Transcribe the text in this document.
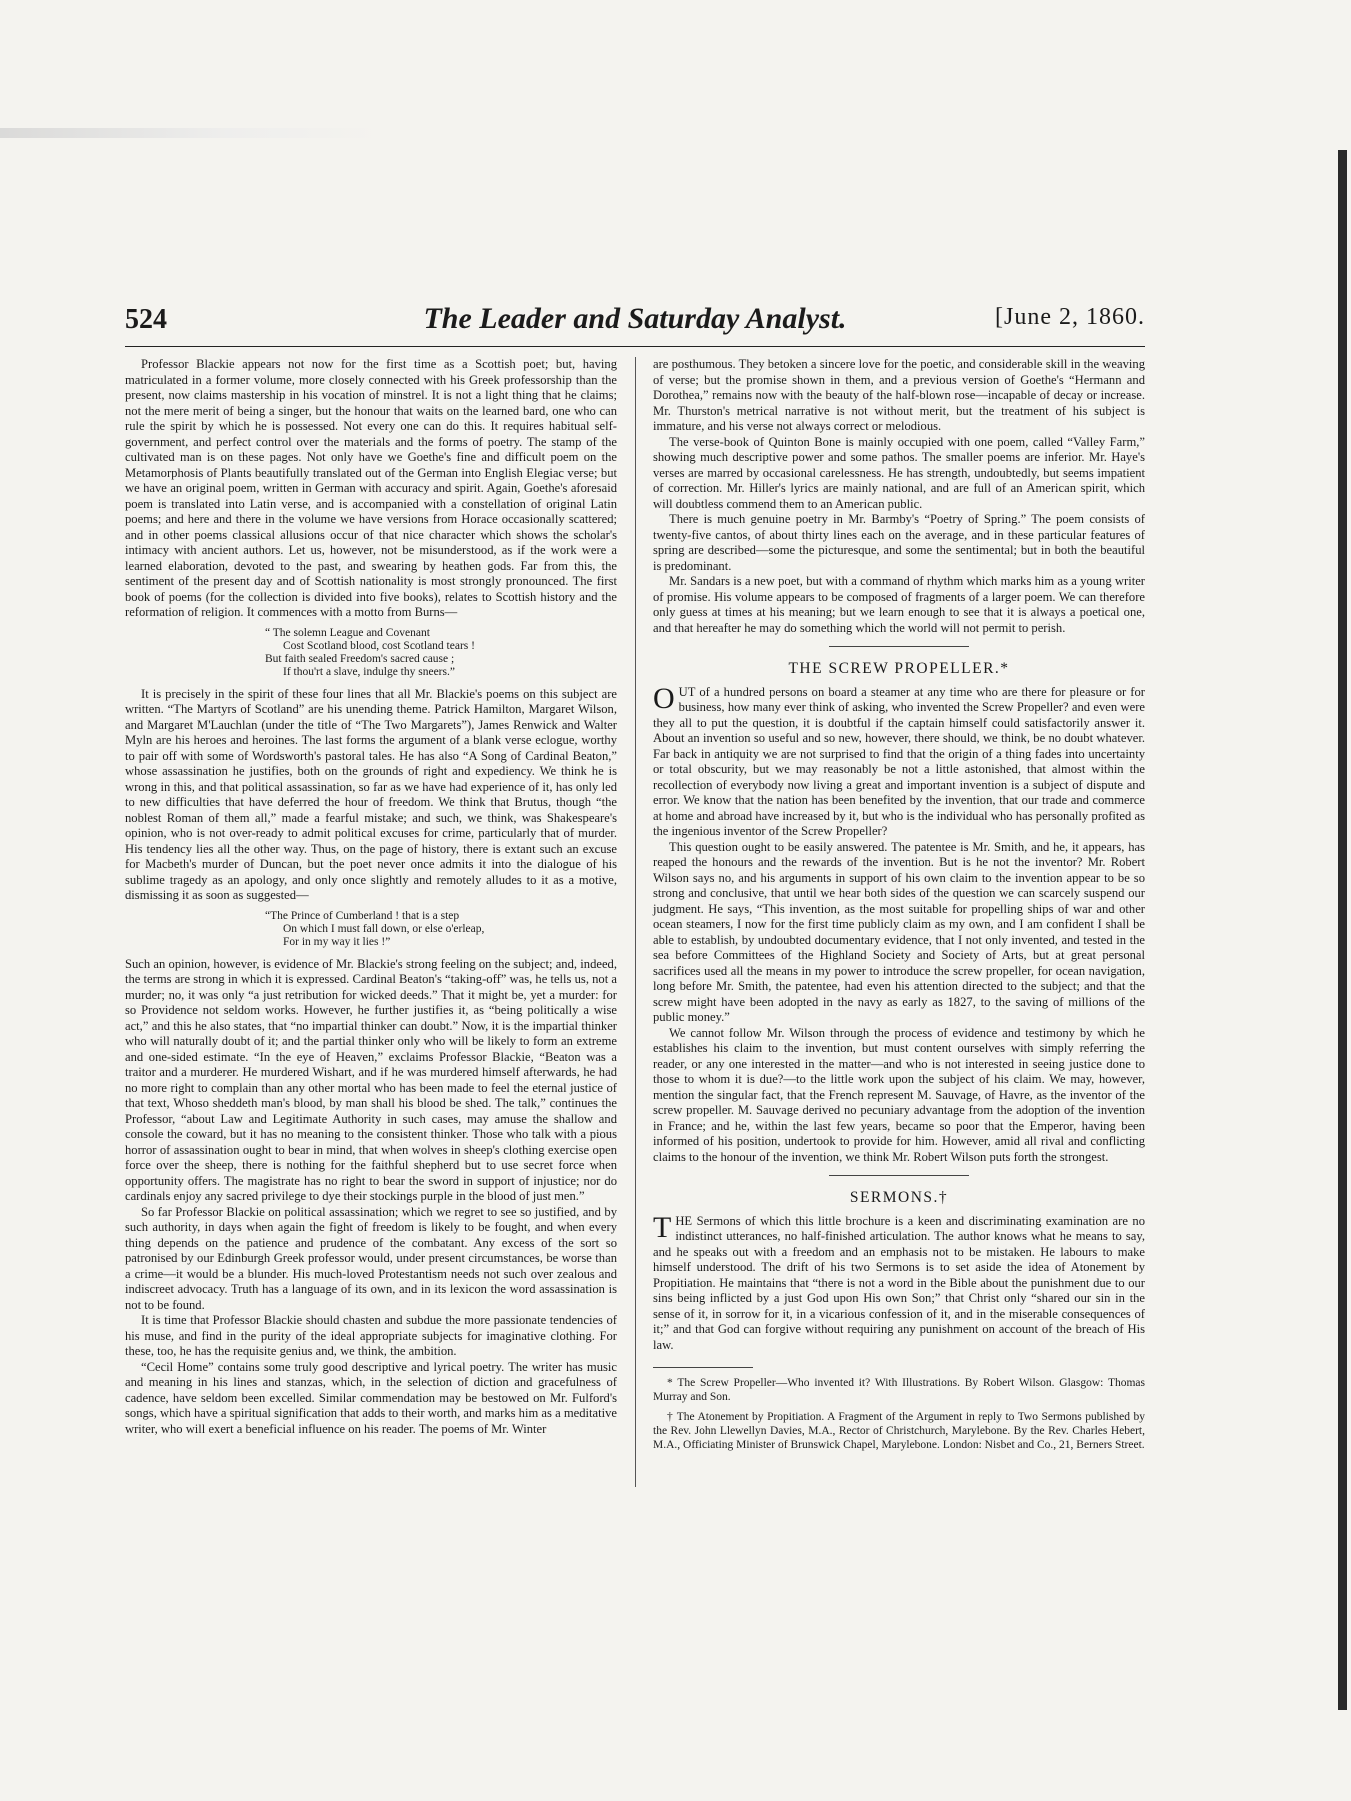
524	The Leader and Saturday Analyst.	[June 2, 1860.

Professor Blackie appears not now for the first time as a Scottish poet; but, having matriculated in a former volume, more closely connected with his Greek professorship than the present, now claims mastership in his vocation of minstrel. It is not a light thing that he claims; not the mere merit of being a singer, but the honour that waits on the learned bard, one who can rule the spirit by which he is possessed. Not every one can do this. It requires habitual self-government, and perfect control over the materials and the forms of poetry. The stamp of the cultivated man is on these pages. Not only have we Goethe's fine and difficult poem on the Metamorphosis of Plants beautifully translated out of the German into English Elegiac verse; but we have an original poem, written in German with accuracy and spirit. Again, Goethe's aforesaid poem is translated into Latin verse, and is accompanied with a constellation of original Latin poems; and here and there in the volume we have versions from Horace occasionally scattered; and in other poems classical allusions occur of that nice character which shows the scholar's intimacy with ancient authors. Let us, however, not be misunderstood, as if the work were a learned elaboration, devoted to the past, and swearing by heathen gods. Far from this, the sentiment of the present day and of Scottish nationality is most strongly pronounced. The first book of poems (for the collection is divided into five books), relates to Scottish history and the reformation of religion. It commences with a motto from Burns—

“ The solemn League and Covenant
Cost Scotland blood, cost Scotland tears !
But faith sealed Freedom's sacred cause ;
If thou'rt a slave, indulge thy sneers.”

It is precisely in the spirit of these four lines that all Mr. Blackie's poems on this subject are written. “The Martyrs of Scotland” are his unending theme. Patrick Hamilton, Margaret Wilson, and Margaret M'Lauchlan (under the title of “The Two Margarets”), James Renwick and Walter Myln are his heroes and heroines. The last forms the argument of a blank verse eclogue, worthy to pair off with some of Wordsworth's pastoral tales. He has also “A Song of Cardinal Beaton,” whose assassination he justifies, both on the grounds of right and expediency. We think he is wrong in this, and that political assassination, so far as we have had experience of it, has only led to new difficulties that have deferred the hour of freedom. We think that Brutus, though “the noblest Roman of them all,” made a fearful mistake; and such, we think, was Shakespeare's opinion, who is not over-ready to admit political excuses for crime, particularly that of murder. His tendency lies all the other way. Thus, on the page of history, there is extant such an excuse for Macbeth's murder of Duncan, but the poet never once admits it into the dialogue of his sublime tragedy as an apology, and only once slightly and remotely alludes to it as a motive, dismissing it as soon as suggested—

“The Prince of Cumberland ! that is a step
On which I must fall down, or else o'erleap,
For in my way it lies !”

Such an opinion, however, is evidence of Mr. Blackie's strong feeling on the subject; and, indeed, the terms are strong in which it is expressed. Cardinal Beaton's “taking-off” was, he tells us, not a murder; no, it was only “a just retribution for wicked deeds.” That it might be, yet a murder: for so Providence not seldom works. However, he further justifies it, as “being politically a wise act,” and this he also states, that “no impartial thinker can doubt.” Now, it is the impartial thinker who will naturally doubt of it; and the partial thinker only who will be likely to form an extreme and one-sided estimate. “In the eye of Heaven,” exclaims Professor Blackie, “Beaton was a traitor and a murderer. He murdered Wishart, and if he was murdered himself afterwards, he had no more right to complain than any other mortal who has been made to feel the eternal justice of that text, Whoso sheddeth man's blood, by man shall his blood be shed. The talk,” continues the Professor, “about Law and Legitimate Authority in such cases, may amuse the shallow and console the coward, but it has no meaning to the consistent thinker. Those who talk with a pious horror of assassination ought to bear in mind, that when wolves in sheep's clothing exercise open force over the sheep, there is nothing for the faithful shepherd but to use secret force when opportunity offers. The magistrate has no right to bear the sword in support of injustice; nor do cardinals enjoy any sacred privilege to dye their stockings purple in the blood of just men.”

So far Professor Blackie on political assassination; which we regret to see so justified, and by such authority, in days when again the fight of freedom is likely to be fought, and when every thing depends on the patience and prudence of the combatant. Any excess of the sort so patronised by our Edinburgh Greek professor would, under present circumstances, be worse than a crime—it would be a blunder. His much-loved Protestantism needs not such over zealous and indiscreet advocacy. Truth has a language of its own, and in its lexicon the word assassination is not to be found.

It is time that Professor Blackie should chasten and subdue the more passionate tendencies of his muse, and find in the purity of the ideal appropriate subjects for imaginative clothing. For these, too, he has the requisite genius and, we think, the ambition.

“Cecil Home” contains some truly good descriptive and lyrical poetry. The writer has music and meaning in his lines and stanzas, which, in the selection of diction and gracefulness of cadence, have seldom been excelled. Similar commendation may be bestowed on Mr. Fulford's songs, which have a spiritual signification that adds to their worth, and marks him as a meditative writer, who will exert a beneficial influence on his reader. The poems of Mr. Winter

are posthumous. They betoken a sincere love for the poetic, and considerable skill in the weaving of verse; but the promise shown in them, and a previous version of Goethe's “Hermann and Dorothea,” remains now with the beauty of the half-blown rose—incapable of decay or increase. Mr. Thurston's metrical narrative is not without merit, but the treatment of his subject is immature, and his verse not always correct or melodious.

The verse-book of Quinton Bone is mainly occupied with one poem, called “Valley Farm,” showing much descriptive power and some pathos. The smaller poems are inferior. Mr. Haye's verses are marred by occasional carelessness. He has strength, undoubtedly, but seems impatient of correction. Mr. Hiller's lyrics are mainly national, and are full of an American spirit, which will doubtless commend them to an American public.

There is much genuine poetry in Mr. Barmby's “Poetry of Spring.” The poem consists of twenty-five cantos, of about thirty lines each on the average, and in these particular features of spring are described—some the picturesque, and some the sentimental; but in both the beautiful is predominant.

Mr. Sandars is a new poet, but with a command of rhythm which marks him as a young writer of promise. His volume appears to be composed of fragments of a larger poem. We can therefore only guess at times at his meaning; but we learn enough to see that it is always a poetical one, and that hereafter he may do something which the world will not permit to perish.

THE SCREW PROPELLER.*

OUT of a hundred persons on board a steamer at any time who are there for pleasure or for business, how many ever think of asking, who invented the Screw Propeller? and even were they all to put the question, it is doubtful if the captain himself could satisfactorily answer it. About an invention so useful and so new, however, there should, we think, be no doubt whatever. Far back in antiquity we are not surprised to find that the origin of a thing fades into uncertainty or total obscurity, but we may reasonably be not a little astonished, that almost within the recollection of everybody now living a great and important invention is a subject of dispute and error. We know that the nation has been benefited by the invention, that our trade and commerce at home and abroad have increased by it, but who is the individual who has personally profited as the ingenious inventor of the Screw Propeller?

This question ought to be easily answered. The patentee is Mr. Smith, and he, it appears, has reaped the honours and the rewards of the invention. But is he not the inventor? Mr. Robert Wilson says no, and his arguments in support of his own claim to the invention appear to be so strong and conclusive, that until we hear both sides of the question we can scarcely suspend our judgment. He says, “This invention, as the most suitable for propelling ships of war and other ocean steamers, I now for the first time publicly claim as my own, and I am confident I shall be able to establish, by undoubted documentary evidence, that I not only invented, and tested in the sea before Committees of the Highland Society and Society of Arts, but at great personal sacrifices used all the means in my power to introduce the screw propeller, for ocean navigation, long before Mr. Smith, the patentee, had even his attention directed to the subject; and that the screw might have been adopted in the navy as early as 1827, to the saving of millions of the public money.”

We cannot follow Mr. Wilson through the process of evidence and testimony by which he establishes his claim to the invention, but must content ourselves with simply referring the reader, or any one interested in the matter—and who is not interested in seeing justice done to those to whom it is due?—to the little work upon the subject of his claim. We may, however, mention the singular fact, that the French represent M. Sauvage, of Havre, as the inventor of the screw propeller. M. Sauvage derived no pecuniary advantage from the adoption of the invention in France; and he, within the last few years, became so poor that the Emperor, having been informed of his position, undertook to provide for him. However, amid all rival and conflicting claims to the honour of the invention, we think Mr. Robert Wilson puts forth the strongest.

SERMONS.†

THE Sermons of which this little brochure is a keen and discriminating examination are no indistinct utterances, no half-finished articulation. The author knows what he means to say, and he speaks out with a freedom and an emphasis not to be mistaken. He labours to make himself understood. The drift of his two Sermons is to set aside the idea of Atonement by Propitiation. He maintains that “there is not a word in the Bible about the punishment due to our sins being inflicted by a just God upon His own Son;” that Christ only “shared our sin in the sense of it, in sorrow for it, in a vicarious confession of it, and in the miserable consequences of it;” and that God can forgive without requiring any punishment on account of the breach of His law.

* The Screw Propeller—Who invented it? With Illustrations. By Robert Wilson. Glasgow: Thomas Murray and Son.

† The Atonement by Propitiation. A Fragment of the Argument in reply to Two Sermons published by the Rev. John Llewellyn Davies, M.A., Rector of Christchurch, Marylebone. By the Rev. Charles Hebert, M.A., Officiating Minister of Brunswick Chapel, Marylebone. London: Nisbet and Co., 21, Berners Street.
